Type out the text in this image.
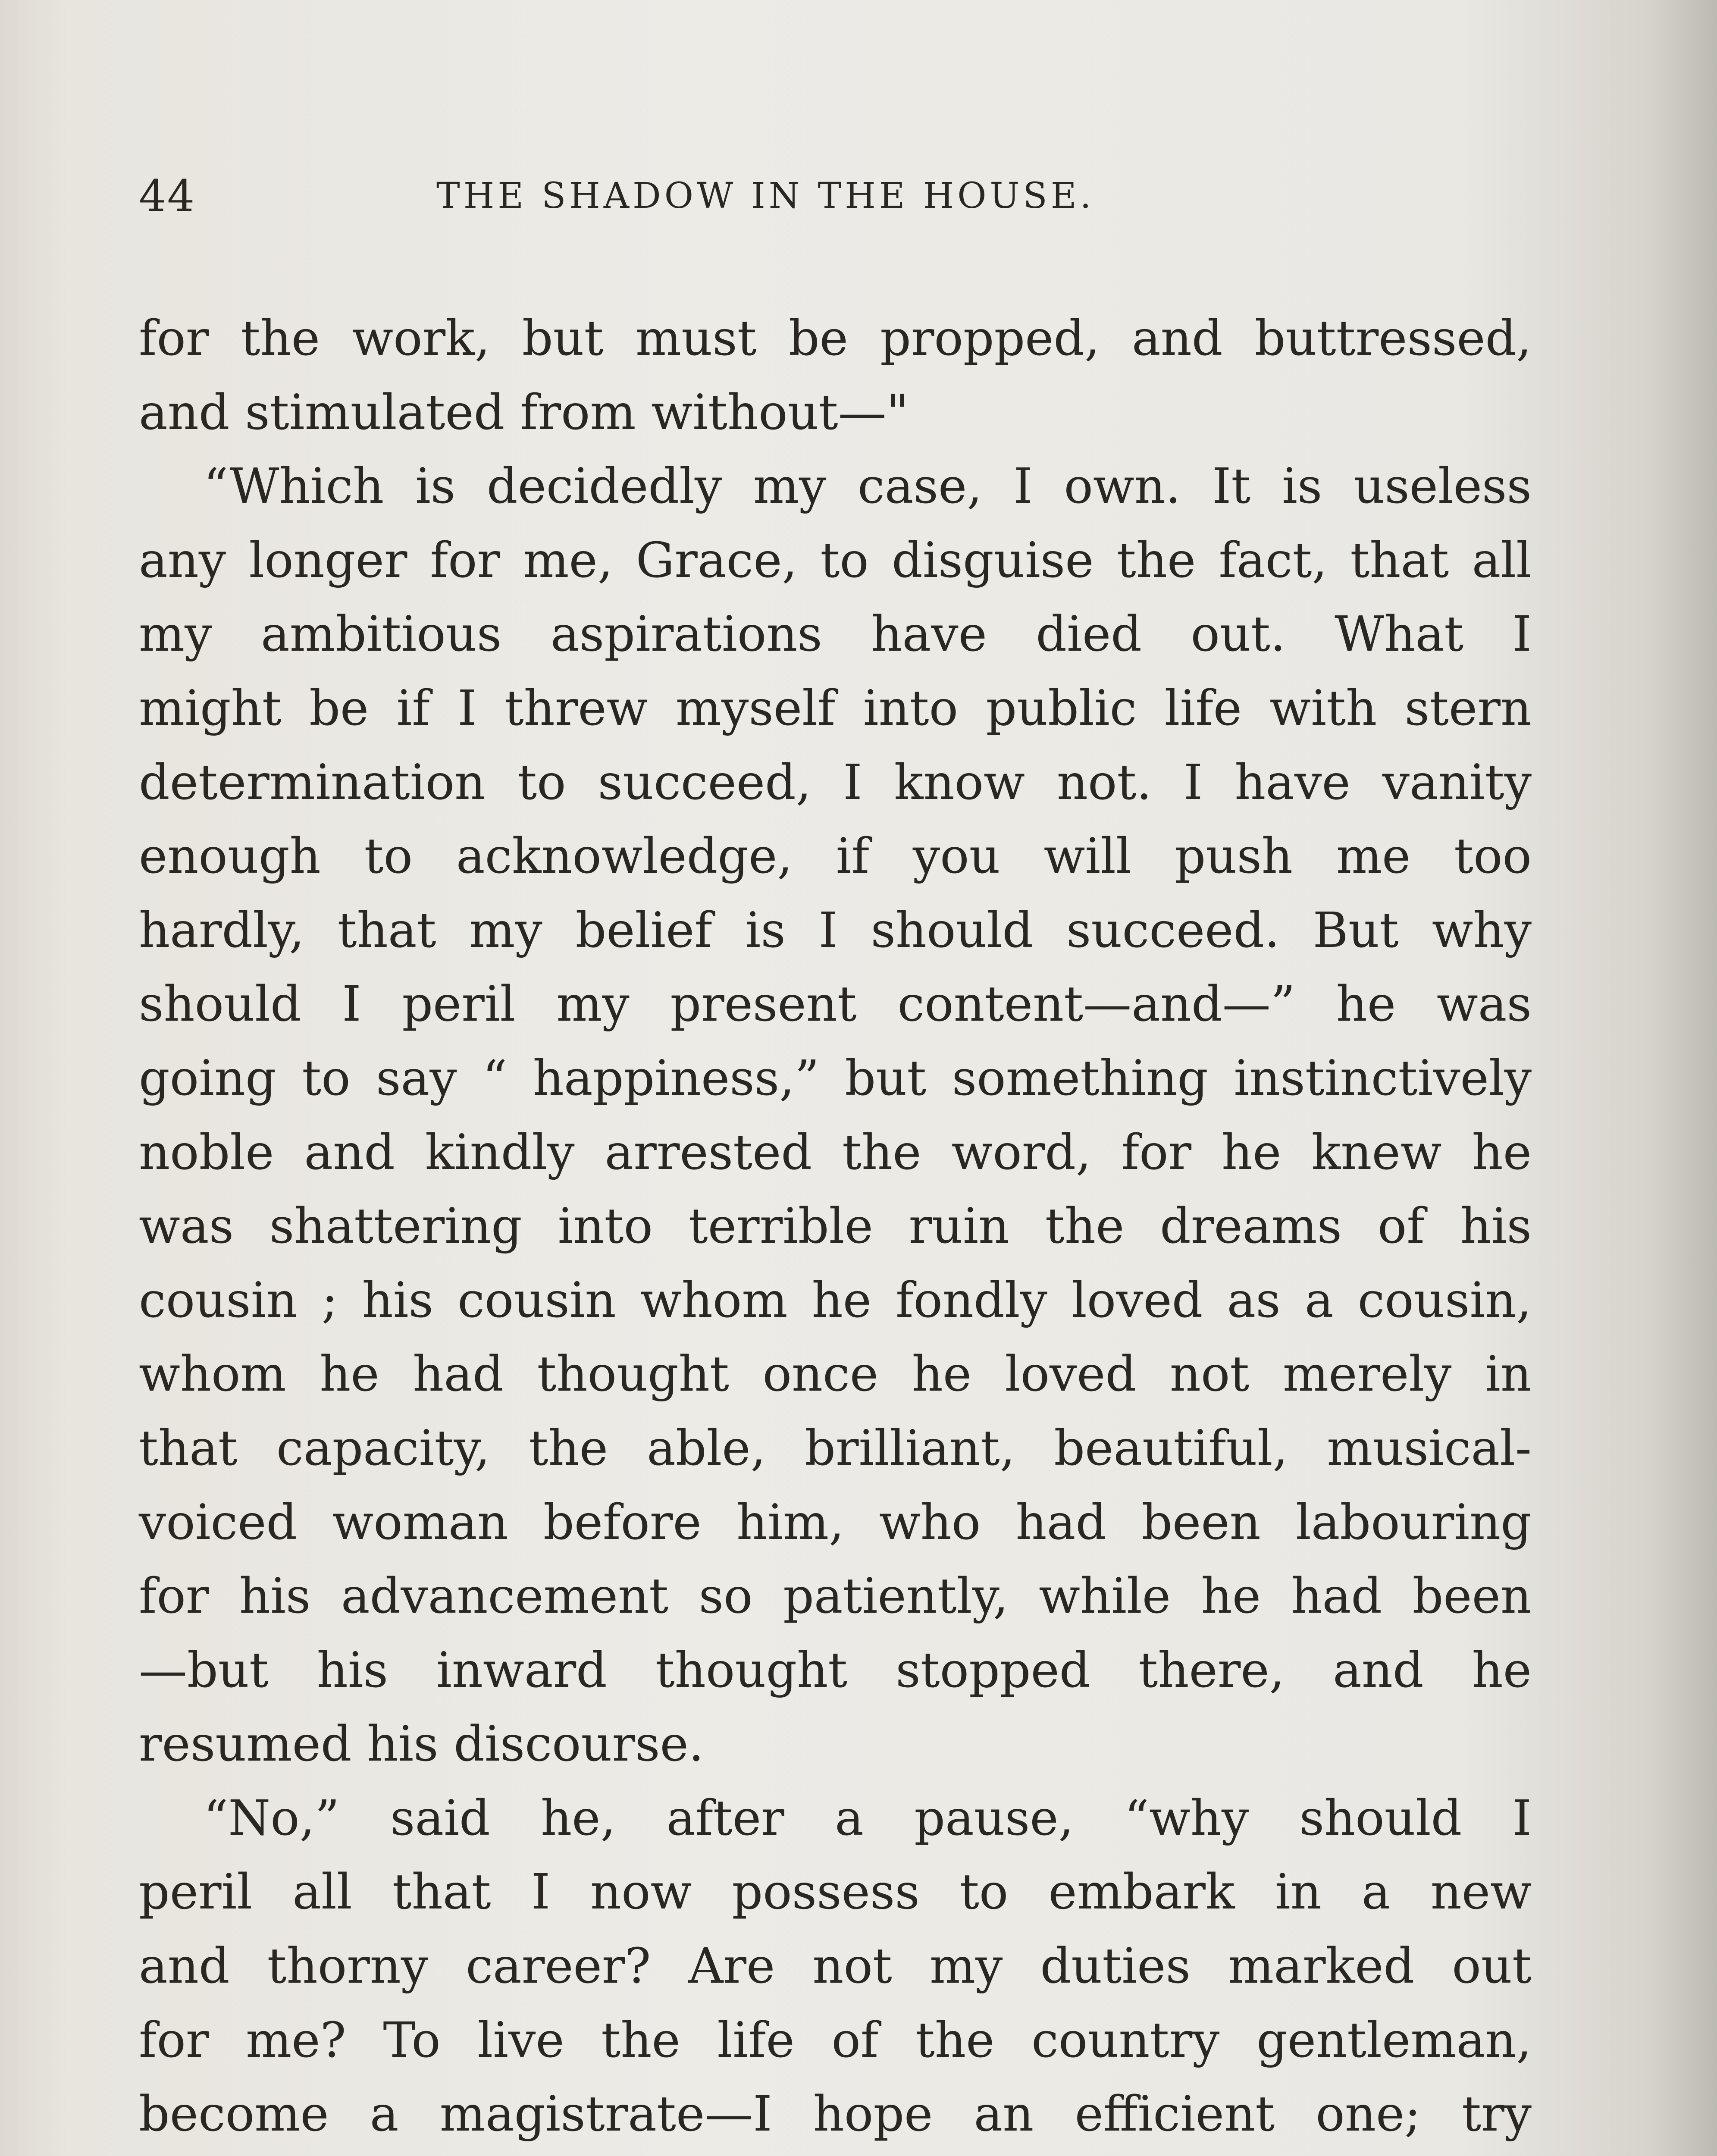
44	THE SHADOW IN THE HOUSE.
for the work, but must be propped, and buttressed,
and stimulated from without—"
“Which is decidedly my case, I own. It is useless
any longer for me, Grace, to disguise the fact, that all
my ambitious aspirations have died out. What I
might be if I threw myself into public life with stern
determination to succeed, I know not. I have vanity
enough to acknowledge, if you will push me too
hardly, that my belief is I should succeed. But why
should I peril my present content—and—” he was
going to say “ happiness,” but something instinctively
noble and kindly arrested the word, for he knew he
was shattering into terrible ruin the dreams of his
cousin ; his cousin whom he fondly loved as a cousin,
whom he had thought once he loved not merely in
that capacity, the able, brilliant, beautiful, musical-
voiced woman before him, who had been labouring
for his advancement so patiently, while he had been
—but his inward thought stopped there, and he
resumed his discourse.
“No,” said he, after a pause, “why should I
peril all that I now possess to embark in a new
and thorny career? Are not my duties marked out
for me? To live the life of the country gentleman,
become a magistrate—I hope an efficient one; try
